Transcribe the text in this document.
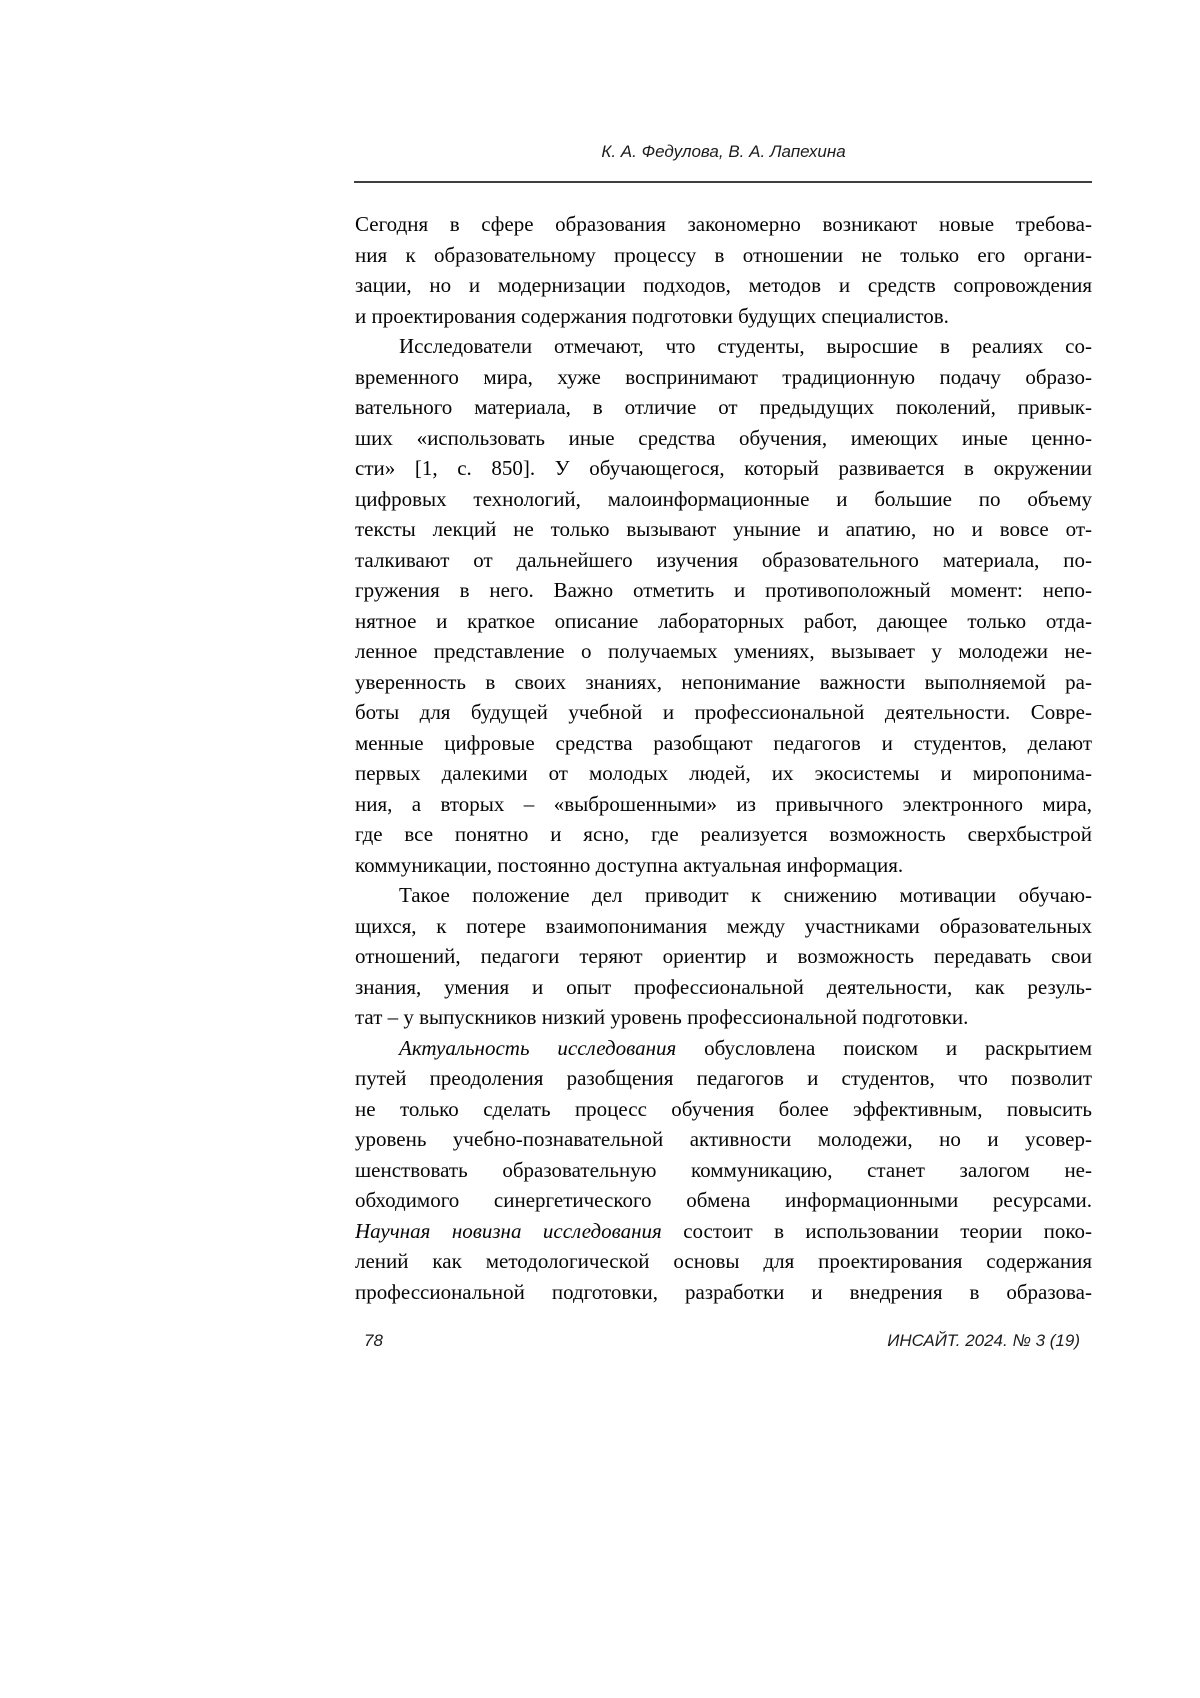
К. А. Федулова, В. А. Лапехина
Сегодня в сфере образования закономерно возникают новые требова-
ния к образовательному процессу в отношении не только его органи-
зации, но и модернизации подходов, методов и средств сопровождения
и проектирования содержания подготовки будущих специалистов.
Исследователи отмечают, что студенты, выросшие в реалиях со-
временного мира, хуже воспринимают традиционную подачу образо-
вательного материала, в отличие от предыдущих поколений, привык-
ших «использовать иные средства обучения, имеющих иные ценно-
сти» [1, с. 850]. У обучающегося, который развивается в окружении
цифровых технологий, малоинформационные и большие по объему
тексты лекций не только вызывают уныние и апатию, но и вовсе от-
талкивают от дальнейшего изучения образовательного материала, по-
гружения в него. Важно отметить и противоположный момент: непо-
нятное и краткое описание лабораторных работ, дающее только отда-
ленное представление о получаемых умениях, вызывает у молодежи не-
уверенность в своих знаниях, непонимание важности выполняемой ра-
боты для будущей учебной и профессиональной деятельности. Совре-
менные цифровые средства разобщают педагогов и студентов, делают
первых далекими от молодых людей, их экосистемы и миропонима-
ния, а вторых – «выброшенными» из привычного электронного мира,
где все понятно и ясно, где реализуется возможность сверхбыстрой
коммуникации, постоянно доступна актуальная информация.
Такое положение дел приводит к снижению мотивации обучаю-
щихся, к потере взаимопонимания между участниками образовательных
отношений, педагоги теряют ориентир и возможность передавать свои
знания, умения и опыт профессиональной деятельности, как резуль-
тат – у выпускников низкий уровень профессиональной подготовки.
Актуальность исследования обусловлена поиском и раскрытием
путей преодоления разобщения педагогов и студентов, что позволит
не только сделать процесс обучения более эффективным, повысить
уровень учебно-познавательной активности молодежи, но и усовер-
шенствовать образовательную коммуникацию, станет залогом не-
обходимого синергетического обмена информационными ресурсами.
Научная новизна исследования состоит в использовании теории поко-
лений как методологической основы для проектирования содержания
профессиональной подготовки, разработки и внедрения в образова-
78	ИНСАЙТ. 2024. № 3 (19)
